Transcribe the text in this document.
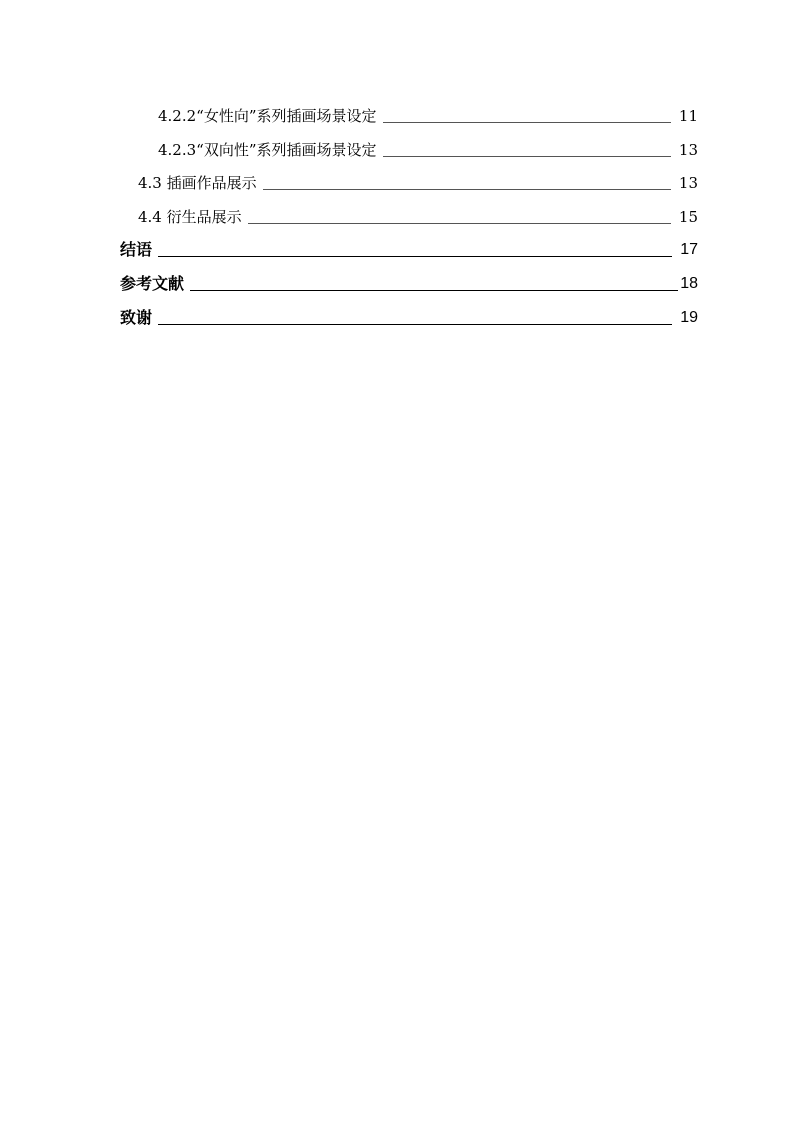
4.2.2“女性向”系列插画场景设定	11
4.2.3“双向性”系列插画场景设定	13
4.3 插画作品展示	13
4.4 衍生品展示	15
结语	17
参考文献	18
致谢	19
